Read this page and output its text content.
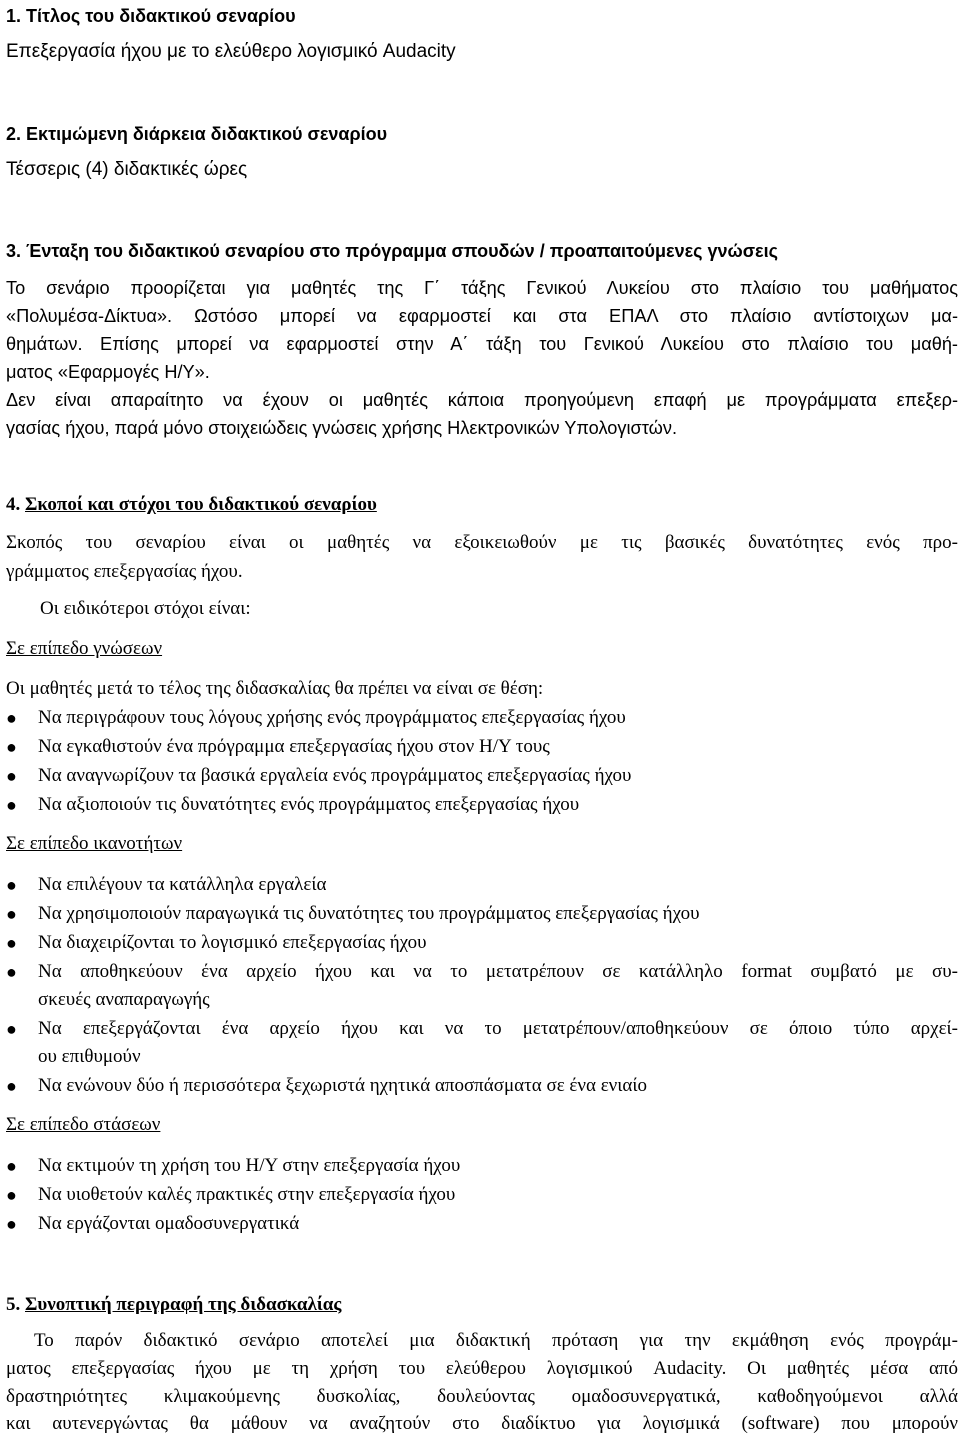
1. Τίτλος του διδακτικού σεναρίου
Επεξεργασία ήχου με το ελεύθερο λογισμικό Audacity
2. Εκτιμώμενη διάρκεια διδακτικού σεναρίου
Τέσσερις (4) διδακτικές ώρες
3. Ένταξη του διδακτικού σεναρίου στο πρόγραμμα σπουδών / προαπαιτούμενες γνώσεις
Το σενάριο προορίζεται για μαθητές της Γ΄ τάξης Γενικού Λυκείου στο πλαίσιο του μαθήματος
«Πολυμέσα-Δίκτυα». Ωστόσο μπορεί να εφαρμοστεί και στα ΕΠΑΛ στο πλαίσιο αντίστοιχων μα-
θημάτων. Επίσης μπορεί να εφαρμοστεί στην Α΄ τάξη του Γενικού Λυκείου στο πλαίσιο του μαθή-
ματος «Εφαρμογές Η/Υ».
Δεν είναι απαραίτητο να έχουν οι μαθητές κάποια προηγούμενη επαφή με προγράμματα επεξερ-
γασίας ήχου, παρά μόνο στοιχειώδεις γνώσεις χρήσης Ηλεκτρονικών Υπολογιστών.
4. Σκοποί και στόχοι του διδακτικού σεναρίου
Σκοπός του σεναρίου είναι οι μαθητές να εξοικειωθούν με τις βασικές δυνατότητες ενός προ-
γράμματος επεξεργασίας ήχου.
Οι ειδικότεροι στόχοι είναι:
Σε επίπεδο γνώσεων
Οι μαθητές μετά το τέλος της διδασκαλίας θα πρέπει να είναι σε θέση:
● Να περιγράφουν τους λόγους χρήσης ενός προγράμματος επεξεργασίας ήχου
● Να εγκαθιστούν ένα πρόγραμμα επεξεργασίας ήχου στον Η/Υ τους
● Να αναγνωρίζουν τα βασικά εργαλεία ενός προγράμματος επεξεργασίας ήχου
● Να αξιοποιούν τις δυνατότητες ενός προγράμματος επεξεργασίας ήχου
Σε επίπεδο ικανοτήτων
● Να επιλέγουν τα κατάλληλα εργαλεία
● Να χρησιμοποιούν παραγωγικά τις δυνατότητες του προγράμματος επεξεργασίας ήχου
● Να διαχειρίζονται το λογισμικό επεξεργασίας ήχου
● Να αποθηκεύουν ένα αρχείο ήχου και να το μετατρέπουν σε κατάλληλο format συμβατό με συ-
σκευές αναπαραγωγής
● Να επεξεργάζονται ένα αρχείο ήχου και να το μετατρέπουν/αποθηκεύουν σε όποιο τύπο αρχεί-
ου επιθυμούν
● Να ενώνουν δύο ή περισσότερα ξεχωριστά ηχητικά αποσπάσματα σε ένα ενιαίο
Σε επίπεδο στάσεων
● Να εκτιμούν τη χρήση του Η/Υ στην επεξεργασία ήχου
● Να υιοθετούν καλές πρακτικές στην επεξεργασία ήχου
● Να εργάζονται ομαδοσυνεργατικά
5. Συνοπτική περιγραφή της διδασκαλίας
Το παρόν διδακτικό σενάριο αποτελεί μια διδακτική πρόταση για την εκμάθηση ενός προγράμ-
ματος επεξεργασίας ήχου με τη χρήση του ελεύθερου λογισμικού Audacity. Οι μαθητές μέσα από
δραστηριότητες κλιμακούμενης δυσκολίας, δουλεύοντας ομαδοσυνεργατικά, καθοδηγούμενοι αλλά
και αυτενεργώντας θα μάθουν να αναζητούν στο διαδίκτυο για λογισμικά (software) που μπορούν
